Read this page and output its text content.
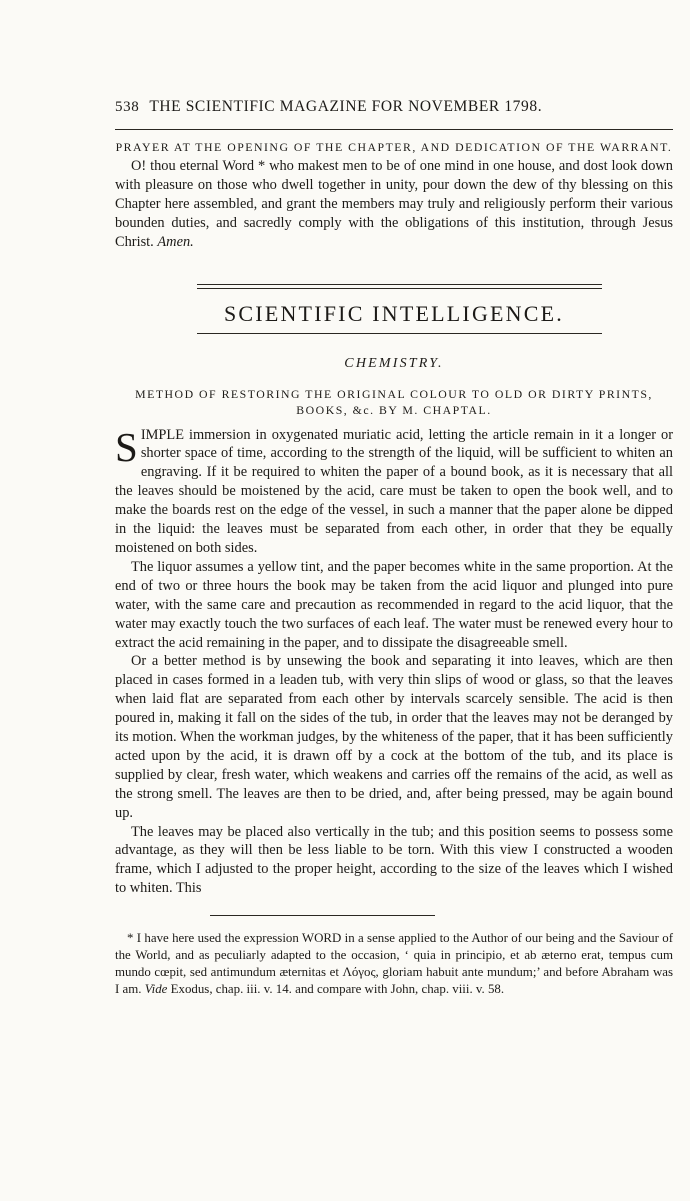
538 THE SCIENTIFIC MAGAZINE FOR NOVEMBER 1798.
PRAYER AT THE OPENING OF THE CHAPTER, AND DEDICATION OF THE WARRANT.

O! thou eternal Word * who makest men to be of one mind in one house, and dost look down with pleasure on those who dwell together in unity, pour down the dew of thy blessing on this Chapter here assembled, and grant the members may truly and religiously perform their various bounden duties, and sacredly comply with the obligations of this institution, through Jesus Christ. Amen.

SCIENTIFIC INTELLIGENCE.
CHEMISTRY.
METHOD OF RESTORING THE ORIGINAL COLOUR TO OLD OR DIRTY PRINTS, BOOKS, &c. BY M. CHAPTAL.

SIMPLE immersion in oxygenated muriatic acid, letting the article remain in it a longer or shorter space of time, according to the strength of the liquid, will be sufficient to whiten an engraving. If it be required to whiten the paper of a bound book, as it is necessary that all the leaves should be moistened by the acid, care must be taken to open the book well, and to make the boards rest on the edge of the vessel, in such a manner that the paper alone be dipped in the liquid: the leaves must be separated from each other, in order that they be equally moistened on both sides.

The liquor assumes a yellow tint, and the paper becomes white in the same proportion. At the end of two or three hours the book may be taken from the acid liquor and plunged into pure water, with the same care and precaution as recommended in regard to the acid liquor, that the water may exactly touch the two surfaces of each leaf. The water must be renewed every hour to extract the acid remaining in the paper, and to dissipate the disagreeable smell.

Or a better method is by unsewing the book and separating it into leaves, which are then placed in cases formed in a leaden tub, with very thin slips of wood or glass, so that the leaves when laid flat are separated from each other by intervals scarcely sensible. The acid is then poured in, making it fall on the sides of the tub, in order that the leaves may not be deranged by its motion. When the workman judges, by the whiteness of the paper, that it has been sufficiently acted upon by the acid, it is drawn off by a cock at the bottom of the tub, and its place is supplied by clear, fresh water, which weakens and carries off the remains of the acid, as well as the strong smell. The leaves are then to be dried, and, after being pressed, may be again bound up.

The leaves may be placed also vertically in the tub; and this position seems to possess some advantage, as they will then be less liable to be torn. With this view I constructed a wooden frame, which I adjusted to the proper height, according to the size of the leaves which I wished to whiten. This

* I have here used the expression WORD in a sense applied to the Author of our being and the Saviour of the World, and as peculiarly adapted to the occasion, ‘ quia in principio, et ab æterno erat, tempus cum mundo cœpit, sed antimundum æternitas et Λόγος, gloriam habuit ante mundum;’ and before Abraham was I am. Vide Exodus, chap. iii. v. 14. and compare with John, chap. viii. v. 58.
